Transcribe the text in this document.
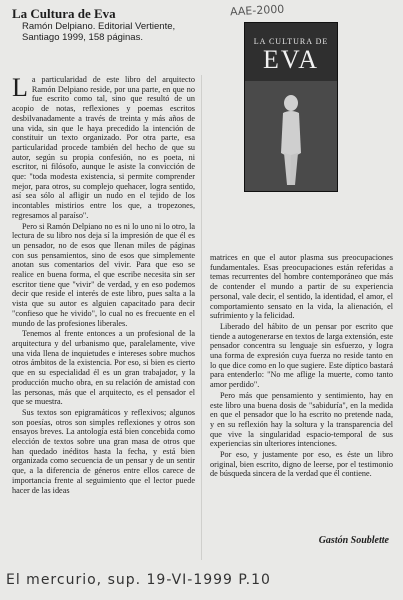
La Cultura de Eva
Ramón Delpiano. Editorial Vertiente,
Santiago 1999, 158 páginas.
AAE-2000
LA CULTURA DE
EVA

La particularidad de este libro del arquitecto Ramón Delpiano reside, por una parte, en que no fue escrito como tal, sino que resultó de un acopio de notas, reflexiones y poemas escritos desbilvanadamente a través de treinta y más años de una vida, sin que le haya precedido la intención de constituir un texto organizado. Por otra parte, esa particularidad procede también del hecho de que su autor, según su propia confesión, no es poeta, ni escritor, ni filósofo, aunque le asiste la convicción de que: "toda modesta existencia, si permite comprender mejor, para otros, su complejo quehacer, logra sentido, así sea sólo al afligir un nudo en el tejido de los incontables mistirios entre los que, a tropezones, regresamos al paraíso".

Pero si Ramón Delpiano no es ni lo uno ni lo otro, la lectura de su libro nos deja sí la impresión de que él es un pensador, no de esos que llenan miles de páginas con sus pensamientos, sino de esos que simplemente anotan sus comentarios del vivir. Para que eso se realice en buena forma, el que escribe necesita sin ser escritor tiene que "vivir" de verdad, y en eso podemos decir que reside el interés de este libro, pues salta a la vista que su autor es alguien capacitado para decir "confieso que he vivido", lo cual no es frecuente en el mundo de las profesiones liberales.

Tenemos al frente entonces a un profesional de la arquitectura y del urbanismo que, paralelamente, vive una vida llena de inquietudes e intereses sobre muchos otros ámbitos de la existencia. Por eso, si bien es cierto que en su especialidad él es un gran trabajador, y la producción mucho obra, en su relación de amistad con las personas, más que el arquitecto, es el pensador el que se muestra.

Sus textos son epigramáticos y reflexivos; algunos son poesías, otros son simples reflexiones y otros son ensayos breves. La antología está bien concebida como elección de textos sobre una gran masa de otros que han quedado inéditos hasta la fecha, y está bien organizada como secuencia de un pensar y de un sentir que, a la diferencia de géneros entre ellos carece de importancia frente al seguimiento que el lector puede hacer de las ideas

matrices en que el autor plasma sus preocupaciones fundamentales. Esas preocupaciones están referidas a temas recurrentes del hombre contemporáneo que más de contender el mundo a partir de su experiencia personal, vale decir, el sentido, la identidad, el amor, el comportamiento sensato en la vida, la alienación, el sufrimiento y la felicidad.

Liberado del hábito de un pensar por escrito que tiende a autogenerarse en textos de larga extensión, este pensador concentra su lenguaje sin esfuerzo, y logra una forma de expresión cuya fuerza no reside tanto en lo que dice como en lo que sugiere. Este díptico bastará para entenderlo: "No me aflige la muerte, como tanto amor perdido".

Pero más que pensamiento y sentimiento, hay en este libro una buena dosis de "sabiduría", en la medida en que el pensador que lo ha escrito no pretende nada, y en su reflexión hay la soltura y la transparencia del que vive la singularidad espacio-temporal de sus experiencias sin ulteriores intenciones.

Por eso, y justamente por eso, es éste un libro original, bien escrito, digno de leerse, por el testimonio de búsqueda sincera de la verdad que él contiene.

Gastón Soublette
El mercurio, sup. 19-VI-1999 P.10
